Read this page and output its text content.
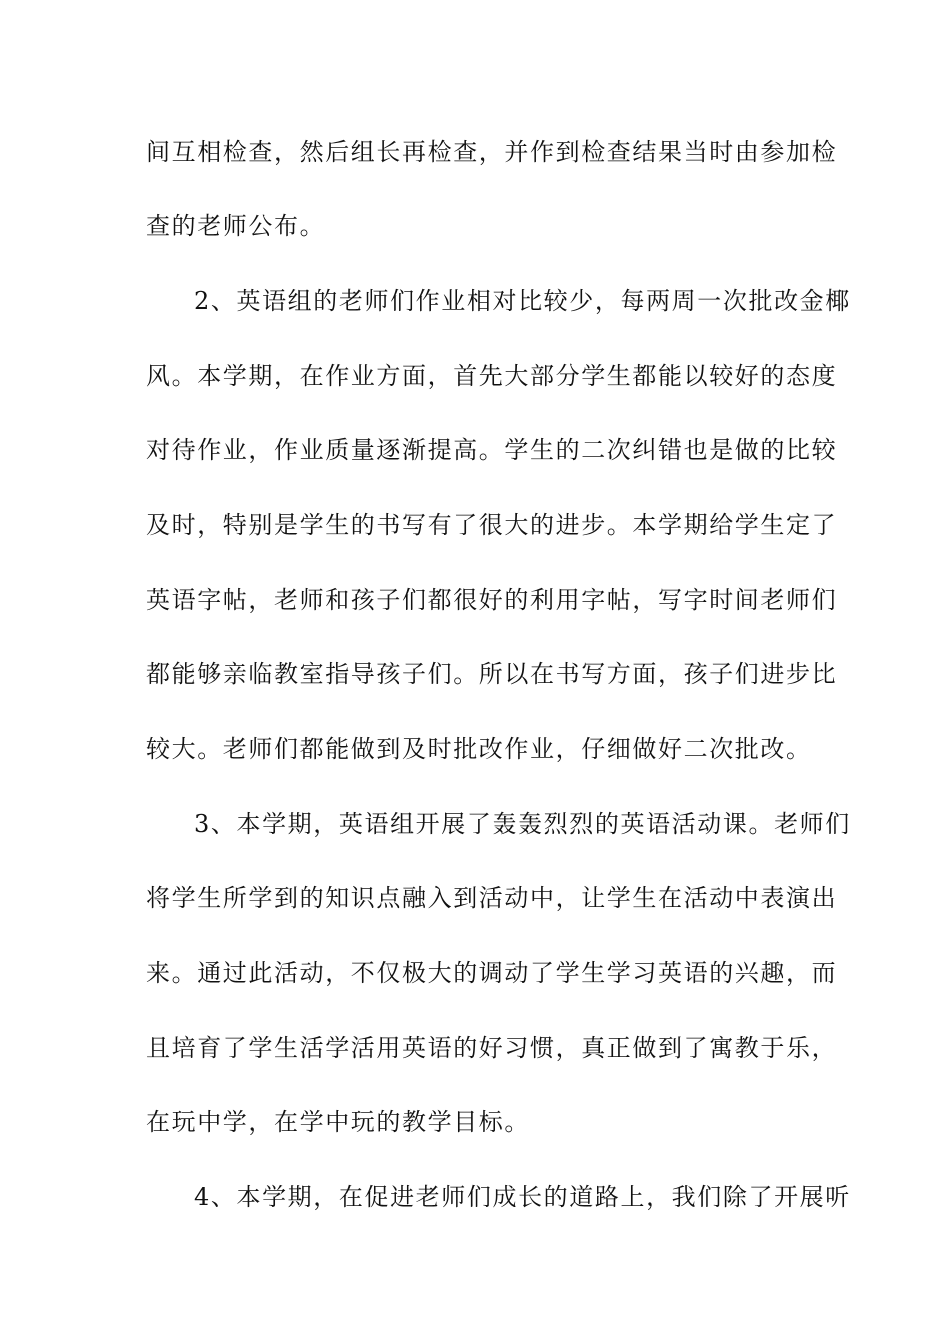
间互相检查，然后组长再检查，并作到检查结果当时由参加检
查的老师公布。
2、英语组的老师们作业相对比较少，每两周一次批改金椰
风。本学期，在作业方面，首先大部分学生都能以较好的态度
对待作业，作业质量逐渐提高。学生的二次纠错也是做的比较
及时，特别是学生的书写有了很大的进步。本学期给学生定了
英语字帖，老师和孩子们都很好的利用字帖，写字时间老师们
都能够亲临教室指导孩子们。所以在书写方面，孩子们进步比
较大。老师们都能做到及时批改作业，仔细做好二次批改。
3、本学期，英语组开展了轰轰烈烈的英语活动课。老师们
将学生所学到的知识点融入到活动中，让学生在活动中表演出
来。通过此活动，不仅极大的调动了学生学习英语的兴趣，而
且培育了学生活学活用英语的好习惯，真正做到了寓教于乐，
在玩中学，在学中玩的教学目标。
4、本学期，在促进老师们成长的道路上，我们除了开展听
